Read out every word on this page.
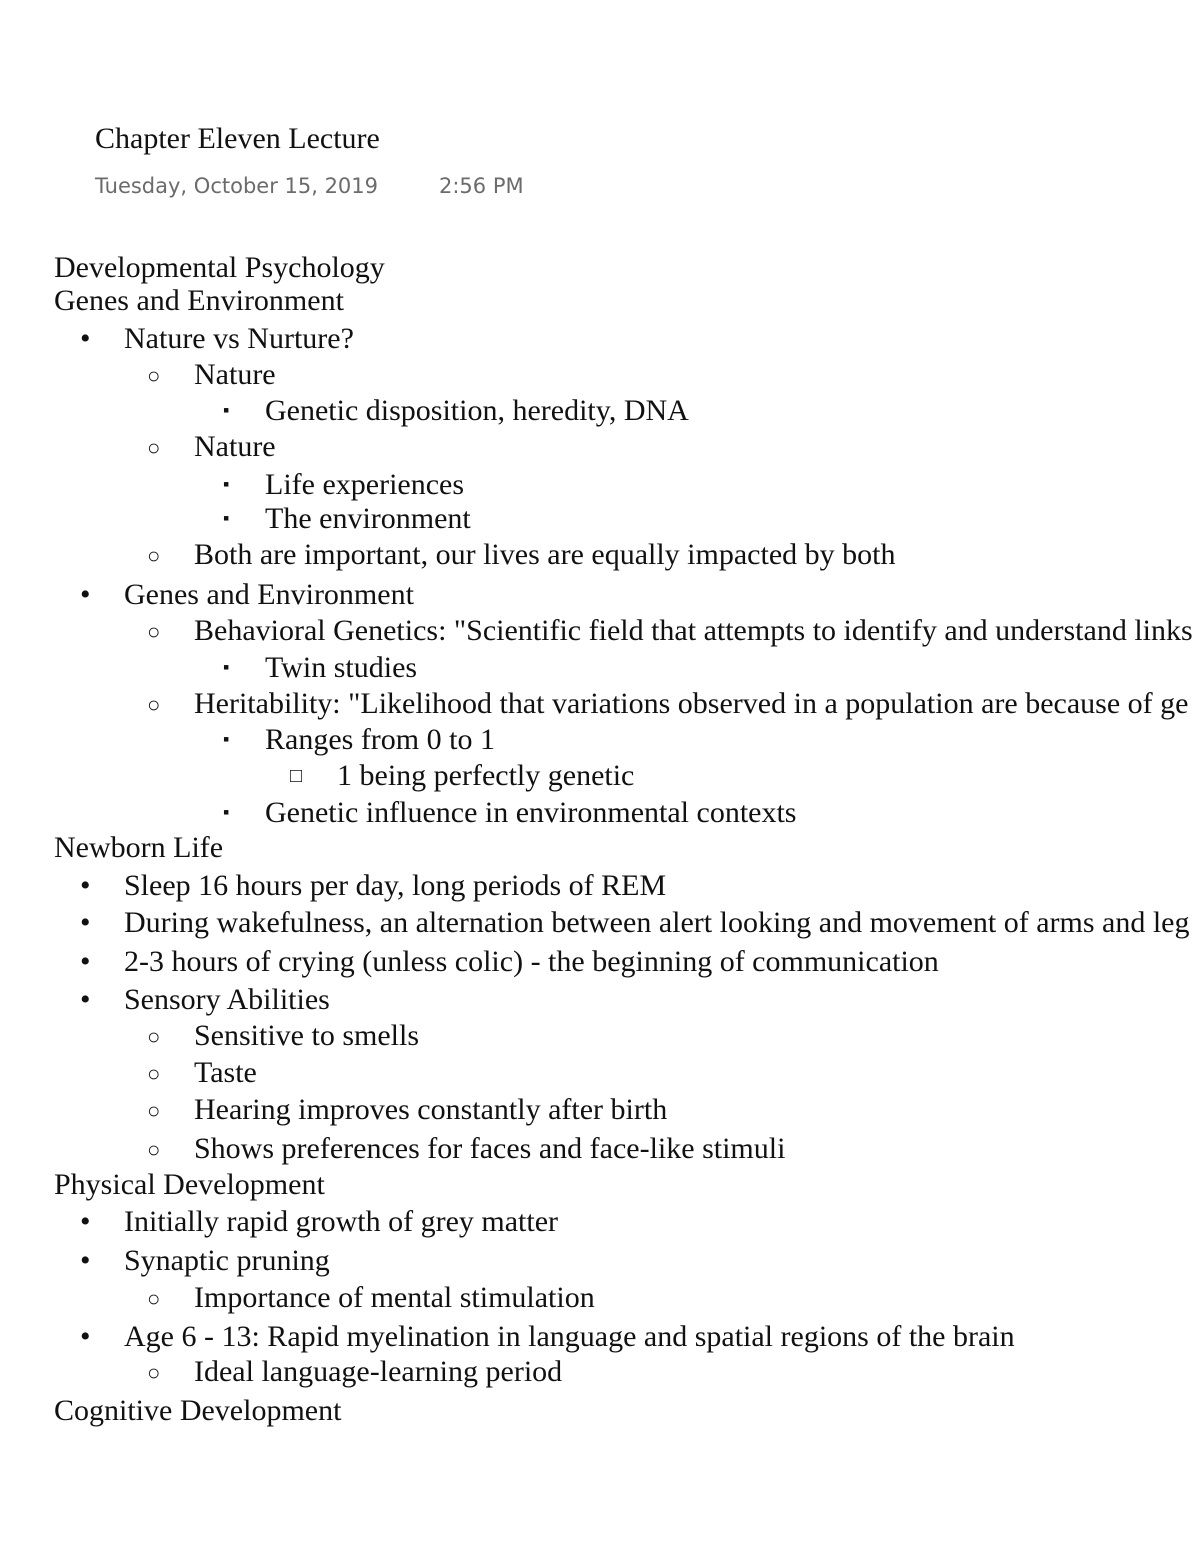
Chapter Eleven Lecture
Tuesday, October 15, 2019	2:56 PM
Developmental Psychology
Genes and Environment
• Nature vs Nurture?
○ Nature
▪ Genetic disposition, heredity, DNA
○ Nature
▪ Life experiences
▪ The environment
○ Both are important, our lives are equally impacted by both
• Genes and Environment
○ Behavioral Genetics: "Scientific field that attempts to identify and understand links
▪ Twin studies
○ Heritability: "Likelihood that variations observed in a population are because of ge
▪ Ranges from 0 to 1
□ 1 being perfectly genetic
▪ Genetic influence in environmental contexts
Newborn Life
• Sleep 16 hours per day, long periods of REM
• During wakefulness, an alternation between alert looking and movement of arms and leg
• 2-3 hours of crying (unless colic) - the beginning of communication
• Sensory Abilities
○ Sensitive to smells
○ Taste
○ Hearing improves constantly after birth
○ Shows preferences for faces and face-like stimuli
Physical Development
• Initially rapid growth of grey matter
• Synaptic pruning
○ Importance of mental stimulation
• Age 6 - 13: Rapid myelination in language and spatial regions of the brain
○ Ideal language-learning period
Cognitive Development
